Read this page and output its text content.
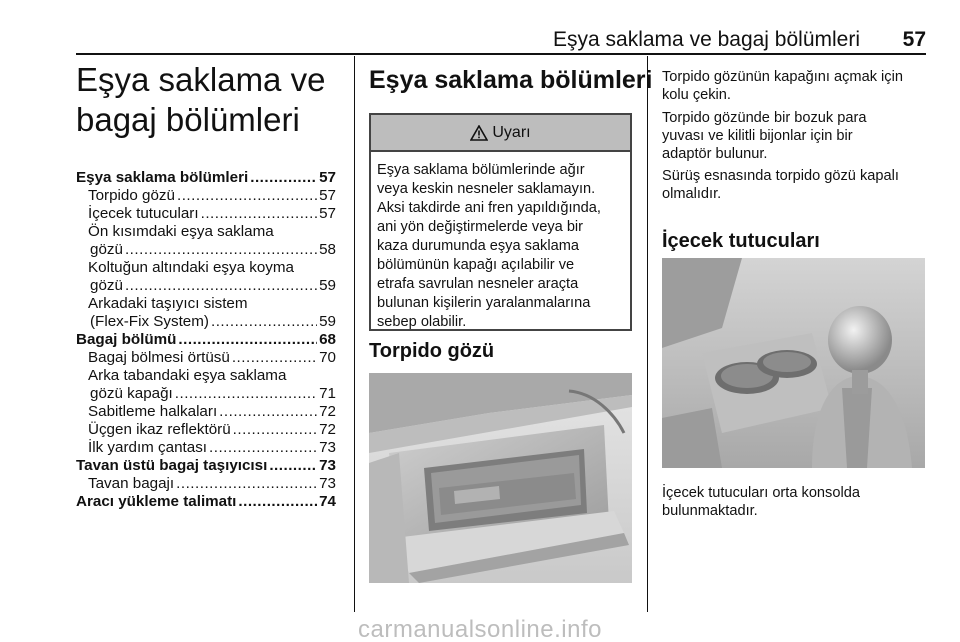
Eşya saklama ve bagaj bölümleri 57
Eşya saklama ve
bagaj bölümleri
Eşya saklama bölümleri .....	57
Torpido gözü .....	57
İçecek tutucuları .....	57
Ön kısımdaki eşya saklama
gözü .....	58
Koltuğun altındaki eşya koyma
gözü .....	59
Arkadaki taşıyıcı sistem
(Flex-Fix System) .....	59
Bagaj bölümü .....	68
Bagaj bölmesi örtüsü .....	70
Arka tabandaki eşya saklama
gözü kapağı .....	71
Sabitleme halkaları .....	72
Üçgen ikaz reflektörü .....	72
İlk yardım çantası .....	73
Tavan üstü bagaj taşıyıcısı .....	73
Tavan bagajı .....	73
Aracı yükleme talimatı .....	74
Eşya saklama bölümleri
Uyarı
Eşya saklama bölümlerinde ağır
veya keskin nesneler saklamayın.
Aksi takdirde ani fren yapıldığında,
ani yön değiştirmelerde veya bir
kaza durumunda eşya saklama
bölümünün kapağı açılabilir ve
etrafa savrulan nesneler araçta
bulunan kişilerin yaralanmalarına
sebep olabilir.
Torpido gözü
Torpido gözünün kapağını açmak için
kolu çekin.
Torpido gözünde bir bozuk para
yuvası ve kilitli bijonlar için bir
adaptör bulunur.
Sürüş esnasında torpido gözü kapalı
olmalıdır.
İçecek tutucuları
İçecek tutucuları orta konsolda
bulunmaktadır.
carmanualsonline.info
